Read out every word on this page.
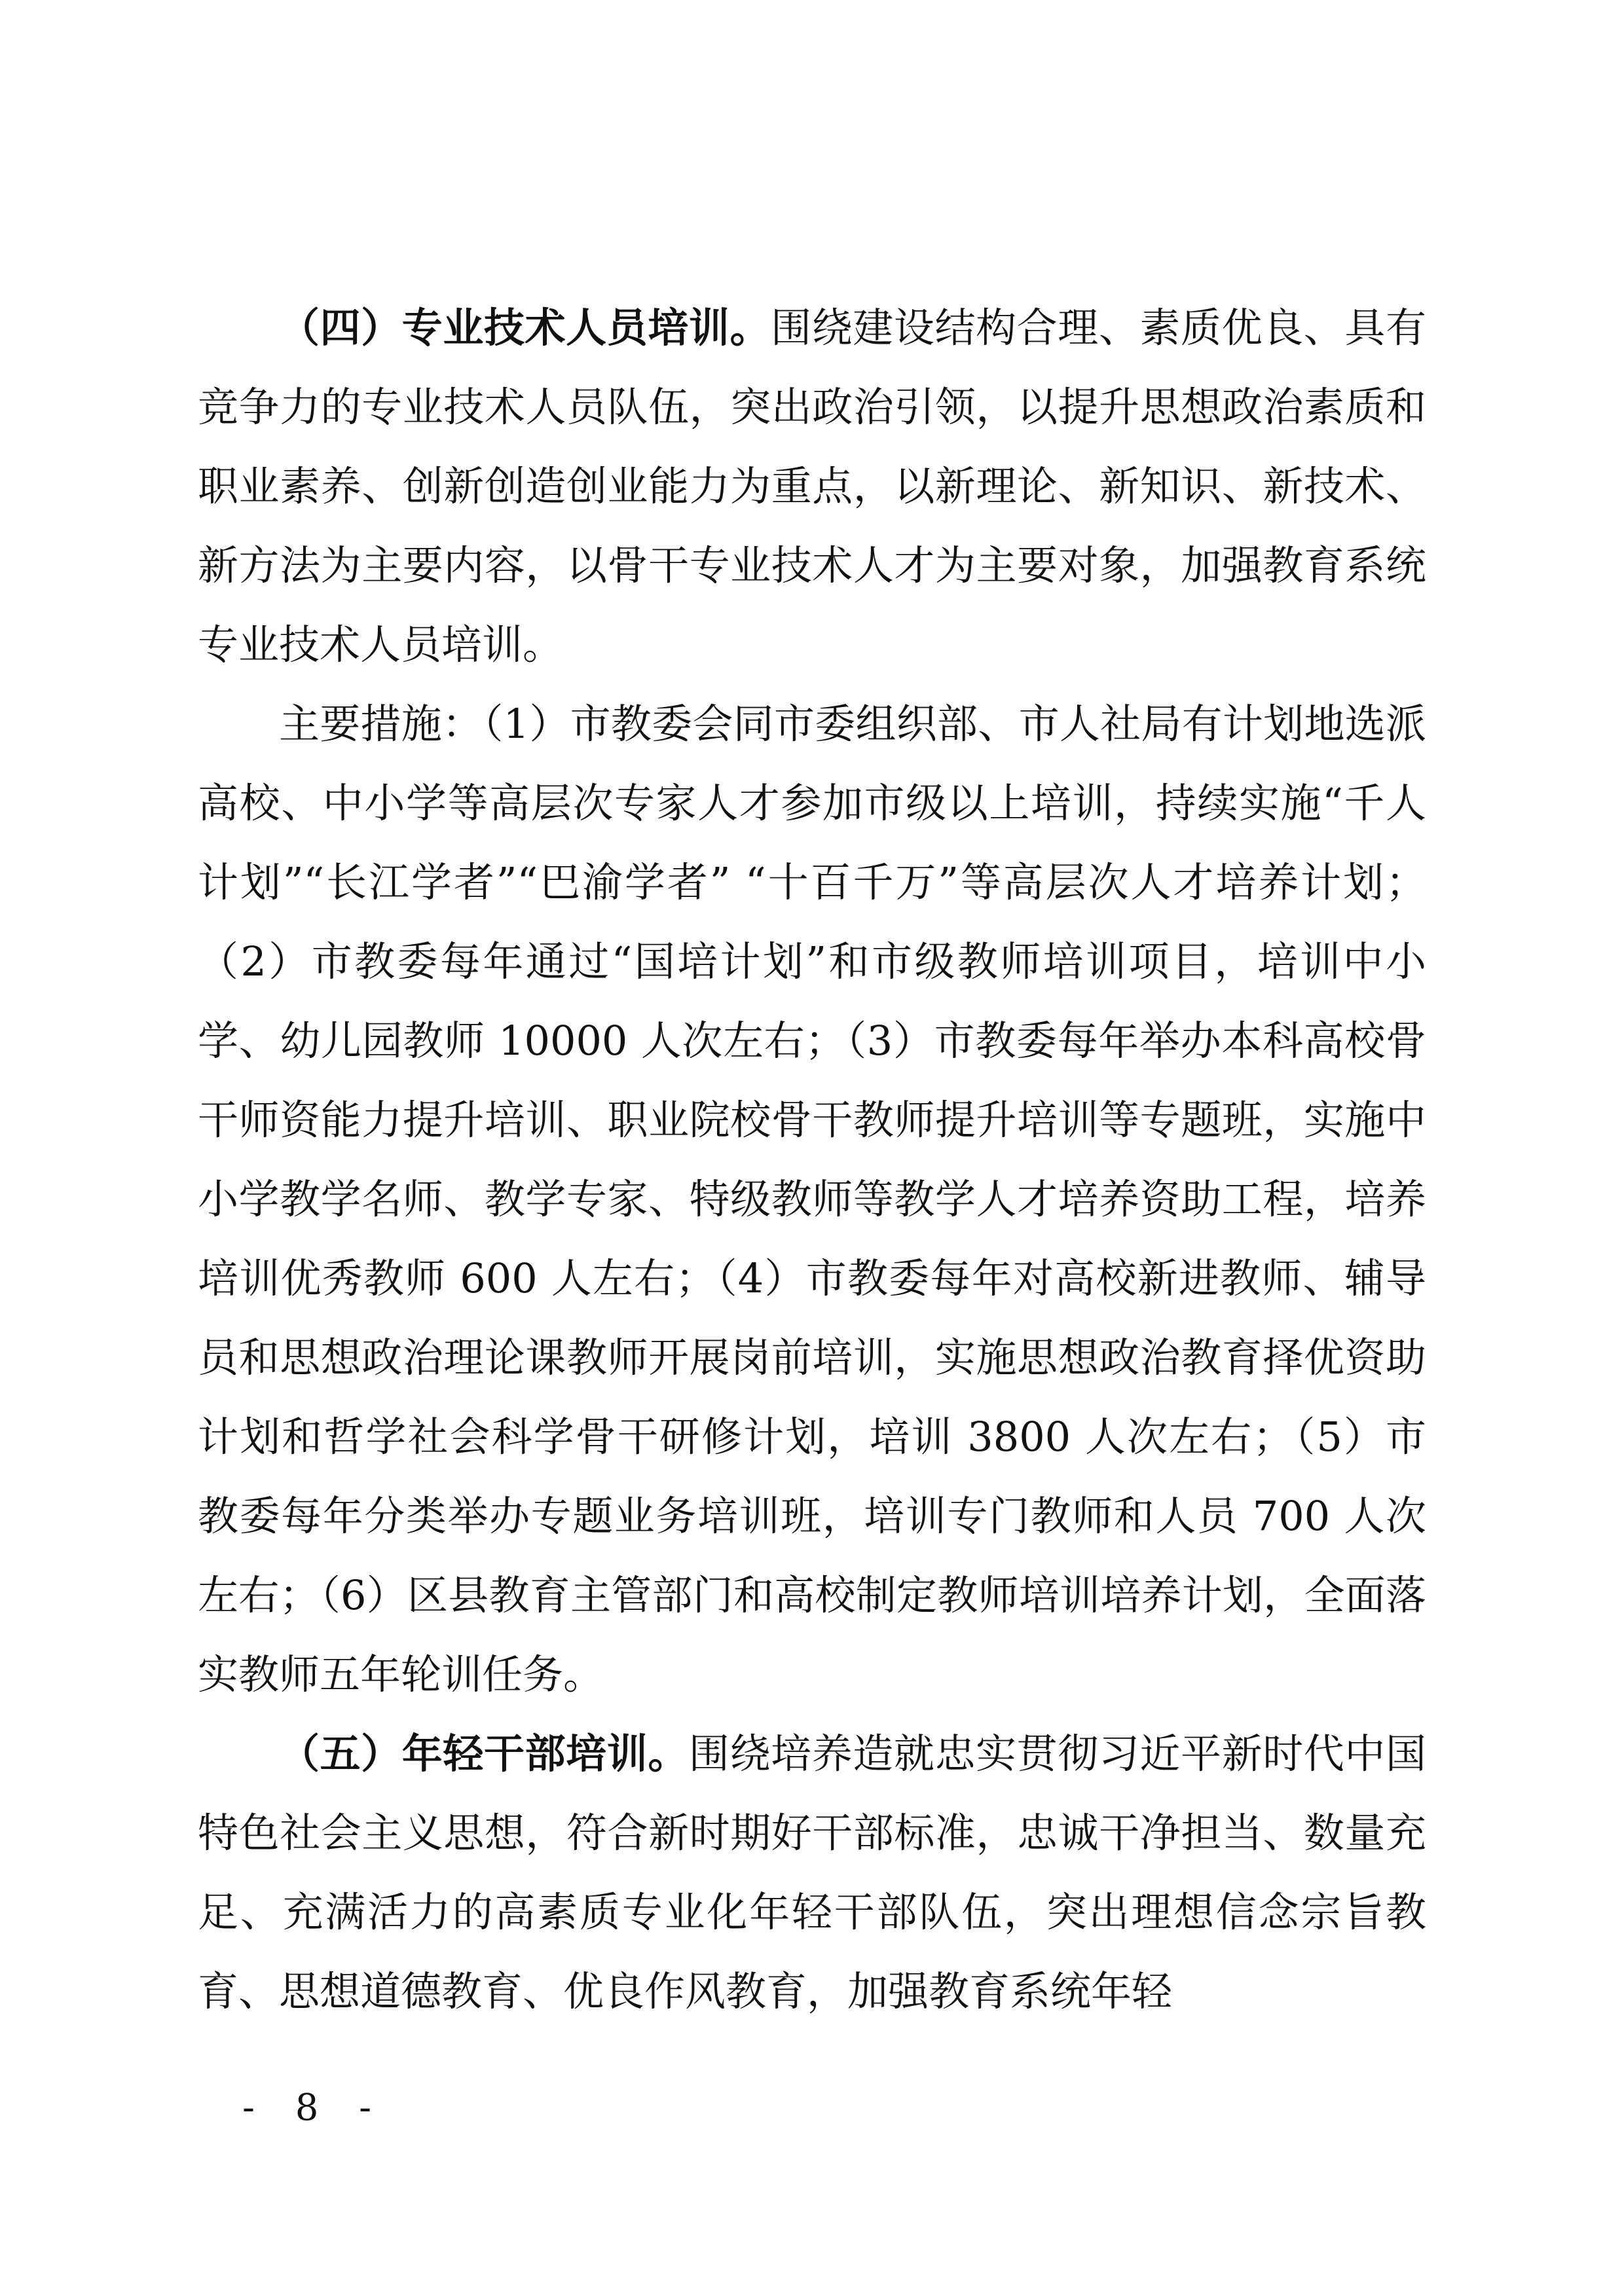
（四）专业技术人员培训。围绕建设结构合理、素质优良、具有竞争力的专业技术人员队伍，突出政治引领，以提升思想政治素质和职业素养、创新创造创业能力为重点，以新理论、新知识、新技术、新方法为主要内容，以骨干专业技术人才为主要对象，加强教育系统专业技术人员培训。

主要措施：（1）市教委会同市委组织部、市人社局有计划地选派高校、中小学等高层次专家人才参加市级以上培训，持续实施“千人计划”“长江学者”“巴渝学者” “十百千万”等高层次人才培养计划；（2）市教委每年通过“国培计划”和市级教师培训项目，培训中小学、幼儿园教师 10000 人次左右；（3）市教委每年举办本科高校骨干师资能力提升培训、职业院校骨干教师提升培训等专题班，实施中小学教学名师、教学专家、特级教师等教学人才培养资助工程，培养培训优秀教师 600 人左右；（4）市教委每年对高校新进教师、辅导员和思想政治理论课教师开展岗前培训，实施思想政治教育择优资助计划和哲学社会科学骨干研修计划，培训 3800 人次左右；（5）市教委每年分类举办专题业务培训班，培训专门教师和人员 700 人次左右；（6）区县教育主管部门和高校制定教师培训培养计划，全面落实教师五年轮训任务。

（五）年轻干部培训。围绕培养造就忠实贯彻习近平新时代中国特色社会主义思想，符合新时期好干部标准，忠诚干净担当、数量充足、充满活力的高素质专业化年轻干部队伍，突出理想信念宗旨教育、思想道德教育、优良作风教育，加强教育系统年轻

- 8 -
